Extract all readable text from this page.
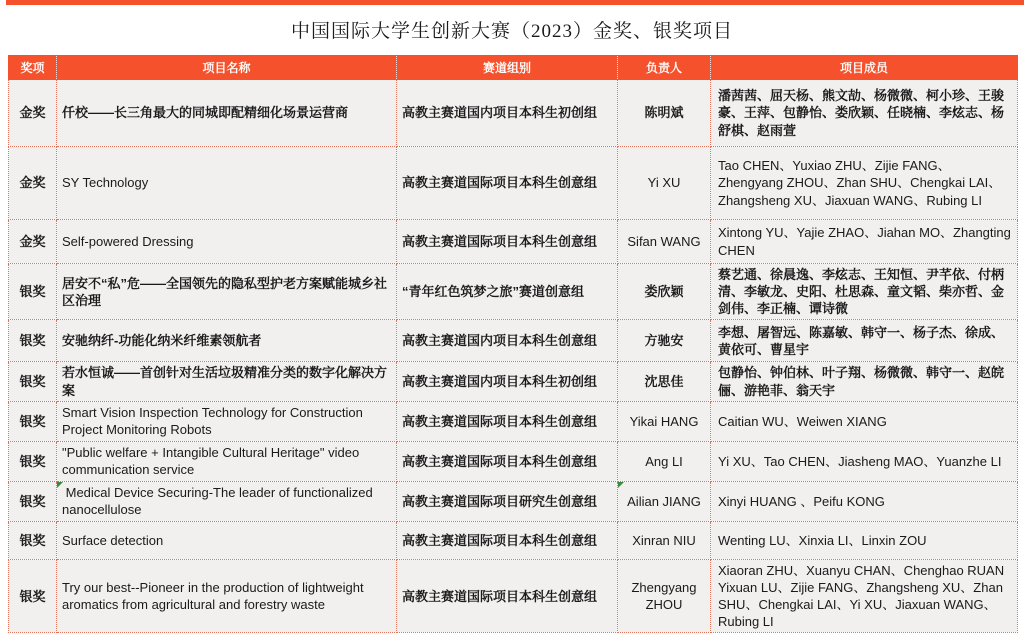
中国国际大学生创新大赛（2023）金奖、银奖项目
奖项	项目名称	赛道组别	负责人	项目成员
金奖	仟校——长三角最大的同城即配精细化场景运营商	高教主赛道国内项目本科生初创组	陈明斌	潘茜茜、屈天杨、熊文劼、杨微微、柯小珍、王骏豪、王萍、包静怡、娄欣颖、任晓楠、李炫志、杨舒棋、赵雨萱
金奖	SY Technology	高教主赛道国际项目本科生创意组	Yi XU	Tao CHEN、Yuxiao ZHU、Zijie FANG、Zhengyang ZHOU、Zhan SHU、Chengkai LAI、Zhangsheng XU、Jiaxuan WANG、Rubing LI
金奖	Self-powered Dressing	高教主赛道国际项目本科生创意组	Sifan WANG	Xintong YU、Yajie ZHAO、Jiahan MO、Zhangting CHEN
银奖	居安不“私”危——全国领先的隐私型护老方案赋能城乡社区治理	“青年红色筑梦之旅”赛道创意组	娄欣颖	蔡艺通、徐晨逸、李炫志、王知恒、尹芊依、付柄清、李敏龙、史阳、杜思森、童文韬、柴亦哲、金剑伟、李正楠、谭诗微
银奖	安驰纳纤-功能化纳米纤维素领航者	高教主赛道国内项目本科生创意组	方驰安	李想、屠智远、陈嘉敏、韩守一、杨子杰、徐成、黄依可、曹星宇
银奖	若水恒诚——首创针对生活垃圾精准分类的数字化解决方案	高教主赛道国内项目本科生初创组	沈思佳	包静怡、钟伯林、叶子翔、杨微微、韩守一、赵皖俪、游艳菲、翁天宇
银奖	Smart Vision Inspection Technology for Construction Project Monitoring Robots	高教主赛道国际项目本科生创意组	Yikai HANG	Caitian WU、Weiwen XIANG
银奖	"Public welfare + Intangible Cultural Heritage" video communication service	高教主赛道国际项目本科生创意组	Ang LI	Yi XU、Tao CHEN、Jiasheng MAO、Yuanzhe LI
银奖	Medical Device Securing-The leader of functionalized nanocellulose	高教主赛道国际项目研究生创意组	Ailian JIANG	Xinyi HUANG 、Peifu KONG
银奖	Surface detection	高教主赛道国际项目本科生创意组	Xinran NIU	Wenting LU、Xinxia LI、Linxin ZOU
银奖	Try our best--Pioneer in the production of lightweight aromatics from agricultural and forestry waste	高教主赛道国际项目本科生创意组	Zhengyang ZHOU	Xiaoran ZHU、Xuanyu CHAN、Chenghao RUAN Yixuan LU、Zijie FANG、Zhangsheng XU、Zhan SHU、Chengkai LAI、Yi XU、Jiaxuan WANG、Rubing LI
